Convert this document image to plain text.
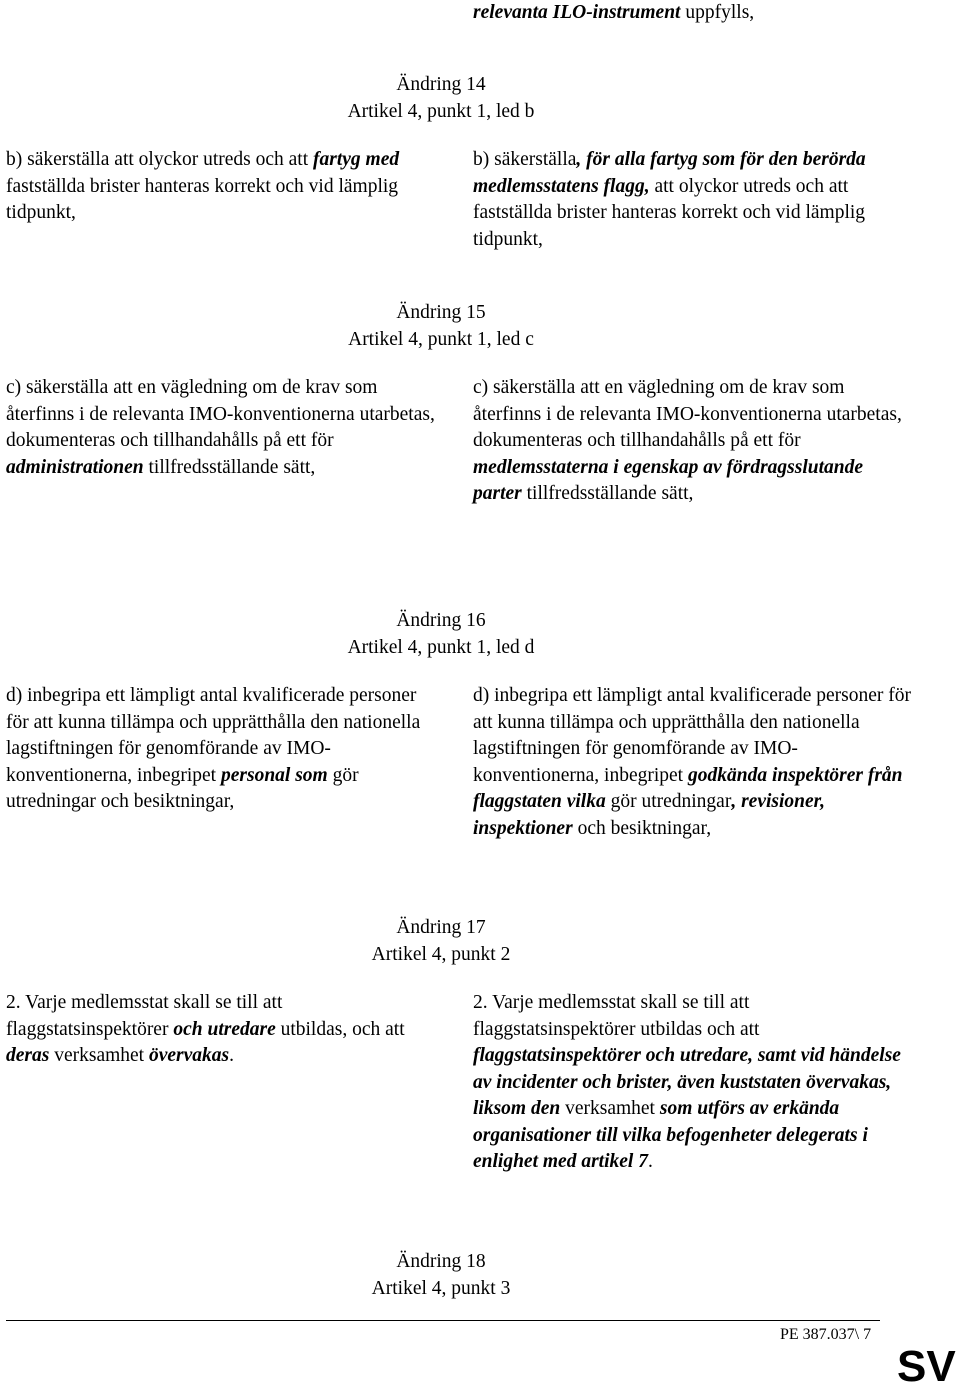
relevanta ILO-instrument uppfylls,
Ändring 14
Artikel 4, punkt 1, led b
b) säkerställa att olyckor utreds och att fartyg med fastställda brister hanteras korrekt och vid lämplig tidpunkt,
b) säkerställa, för alla fartyg som för den berörda medlemsstatens flagg, att olyckor utreds och att fastställda brister hanteras korrekt och vid lämplig tidpunkt,
Ändring 15
Artikel 4, punkt 1, led c
c) säkerställa att en vägledning om de krav som återfinns i de relevanta IMO-konventionerna utarbetas, dokumenteras och tillhandahålls på ett för administrationen tillfredsställande sätt,
c) säkerställa att en vägledning om de krav som återfinns i de relevanta IMO-konventionerna utarbetas, dokumenteras och tillhandahålls på ett för medlemsstaterna i egenskap av fördragsslutande parter tillfredsställande sätt,
Ändring 16
Artikel 4, punkt 1, led d
d) inbegripa ett lämpligt antal kvalificerade personer för att kunna tillämpa och upprätthålla den nationella lagstiftningen för genomförande av IMO-konventionerna, inbegripet personal som gör utredningar och besiktningar,
d) inbegripa ett lämpligt antal kvalificerade personer för att kunna tillämpa och upprätthålla den nationella lagstiftningen för genomförande av IMO-konventionerna, inbegripet godkända inspektörer från flaggstaten vilka gör utredningar, revisioner, inspektioner och besiktningar,
Ändring 17
Artikel 4, punkt 2
2. Varje medlemsstat skall se till att flaggstatsinspektörer och utredare utbildas, och att deras verksamhet övervakas.
2. Varje medlemsstat skall se till att flaggstatsinspektörer utbildas och att flaggstatsinspektörer och utredare, samt vid händelse av incidenter och brister, även kuststaten övervakas, liksom den verksamhet som utförs av erkända organisationer till vilka befogenheter delegerats i enlighet med artikel 7.
Ändring 18
Artikel 4, punkt 3
PE 387.037\ 7
SV
